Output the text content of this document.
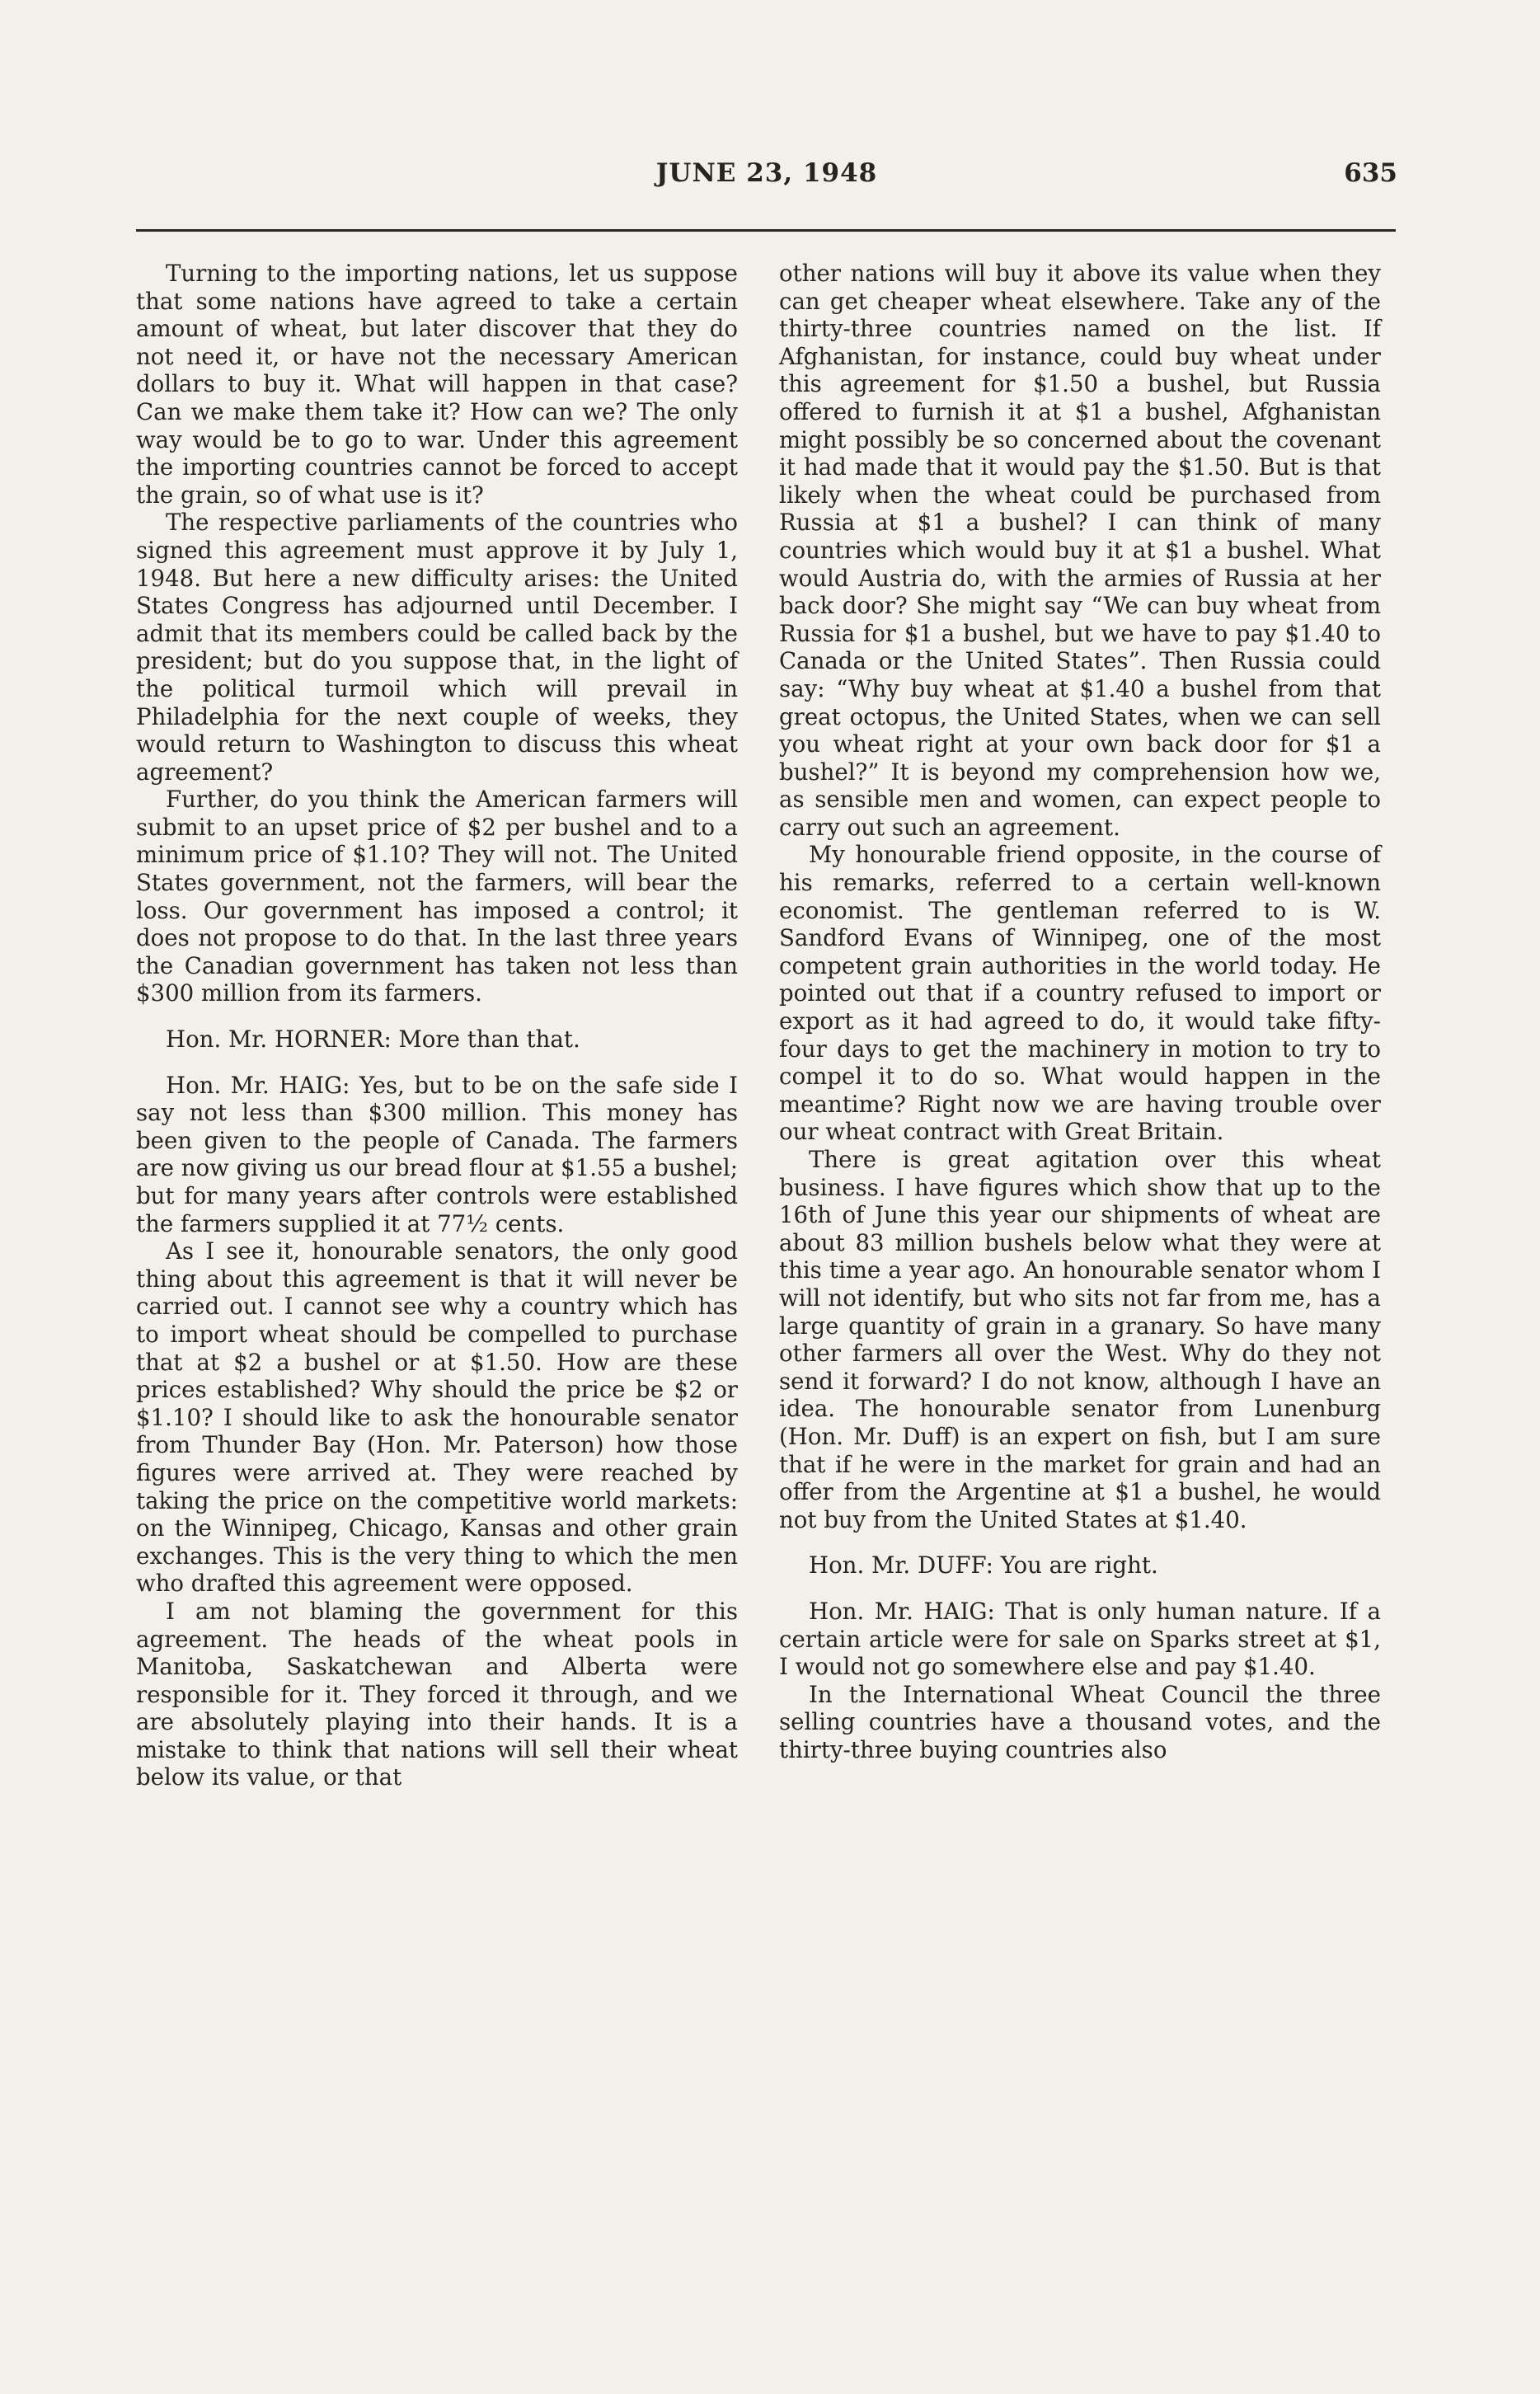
JUNE 23, 1948	635

Turning to the importing nations, let us suppose that some nations have agreed to take a certain amount of wheat, but later discover that they do not need it, or have not the necessary American dollars to buy it. What will happen in that case? Can we make them take it? How can we? The only way would be to go to war. Under this agreement the importing countries cannot be forced to accept the grain, so of what use is it?

The respective parliaments of the countries who signed this agreement must approve it by July 1, 1948. But here a new difficulty arises: the United States Congress has adjourned until December. I admit that its members could be called back by the president; but do you suppose that, in the light of the political turmoil which will prevail in Philadelphia for the next couple of weeks, they would return to Washington to discuss this wheat agreement?

Further, do you think the American farmers will submit to an upset price of $2 per bushel and to a minimum price of $1.10? They will not. The United States government, not the farmers, will bear the loss. Our government has imposed a control; it does not propose to do that. In the last three years the Canadian government has taken not less than $300 million from its farmers.

Hon. Mr. HORNER: More than that.

Hon. Mr. HAIG: Yes, but to be on the safe side I say not less than $300 million. This money has been given to the people of Canada. The farmers are now giving us our bread flour at $1.55 a bushel; but for many years after controls were established the farmers supplied it at 77½ cents.

As I see it, honourable senators, the only good thing about this agreement is that it will never be carried out. I cannot see why a country which has to import wheat should be compelled to purchase that at $2 a bushel or at $1.50. How are these prices established? Why should the price be $2 or $1.10? I should like to ask the honourable senator from Thunder Bay (Hon. Mr. Paterson) how those figures were arrived at. They were reached by taking the price on the competitive world markets: on the Winnipeg, Chicago, Kansas and other grain exchanges. This is the very thing to which the men who drafted this agreement were opposed.

I am not blaming the government for this agreement. The heads of the wheat pools in Manitoba, Saskatchewan and Alberta were responsible for it. They forced it through, and we are absolutely playing into their hands. It is a mistake to think that nations will sell their wheat below its value, or that

other nations will buy it above its value when they can get cheaper wheat elsewhere. Take any of the thirty-three countries named on the list. If Afghanistan, for instance, could buy wheat under this agreement for $1.50 a bushel, but Russia offered to furnish it at $1 a bushel, Afghanistan might possibly be so concerned about the covenant it had made that it would pay the $1.50. But is that likely when the wheat could be purchased from Russia at $1 a bushel? I can think of many countries which would buy it at $1 a bushel. What would Austria do, with the armies of Russia at her back door? She might say “We can buy wheat from Russia for $1 a bushel, but we have to pay $1.40 to Canada or the United States”. Then Russia could say: “Why buy wheat at $1.40 a bushel from that great octopus, the United States, when we can sell you wheat right at your own back door for $1 a bushel?” It is beyond my comprehension how we, as sensible men and women, can expect people to carry out such an agreement.

My honourable friend opposite, in the course of his remarks, referred to a certain well-known economist. The gentleman referred to is W. Sandford Evans of Winnipeg, one of the most competent grain authorities in the world today. He pointed out that if a country refused to import or export as it had agreed to do, it would take fifty-four days to get the machinery in motion to try to compel it to do so. What would happen in the meantime? Right now we are having trouble over our wheat contract with Great Britain.

There is great agitation over this wheat business. I have figures which show that up to the 16th of June this year our shipments of wheat are about 83 million bushels below what they were at this time a year ago. An honourable senator whom I will not identify, but who sits not far from me, has a large quantity of grain in a granary. So have many other farmers all over the West. Why do they not send it forward? I do not know, although I have an idea. The honourable senator from Lunenburg (Hon. Mr. Duff) is an expert on fish, but I am sure that if he were in the market for grain and had an offer from the Argentine at $1 a bushel, he would not buy from the United States at $1.40.

Hon. Mr. DUFF: You are right.

Hon. Mr. HAIG: That is only human nature. If a certain article were for sale on Sparks street at $1, I would not go somewhere else and pay $1.40.

In the International Wheat Council the three selling countries have a thousand votes, and the thirty-three buying countries also
